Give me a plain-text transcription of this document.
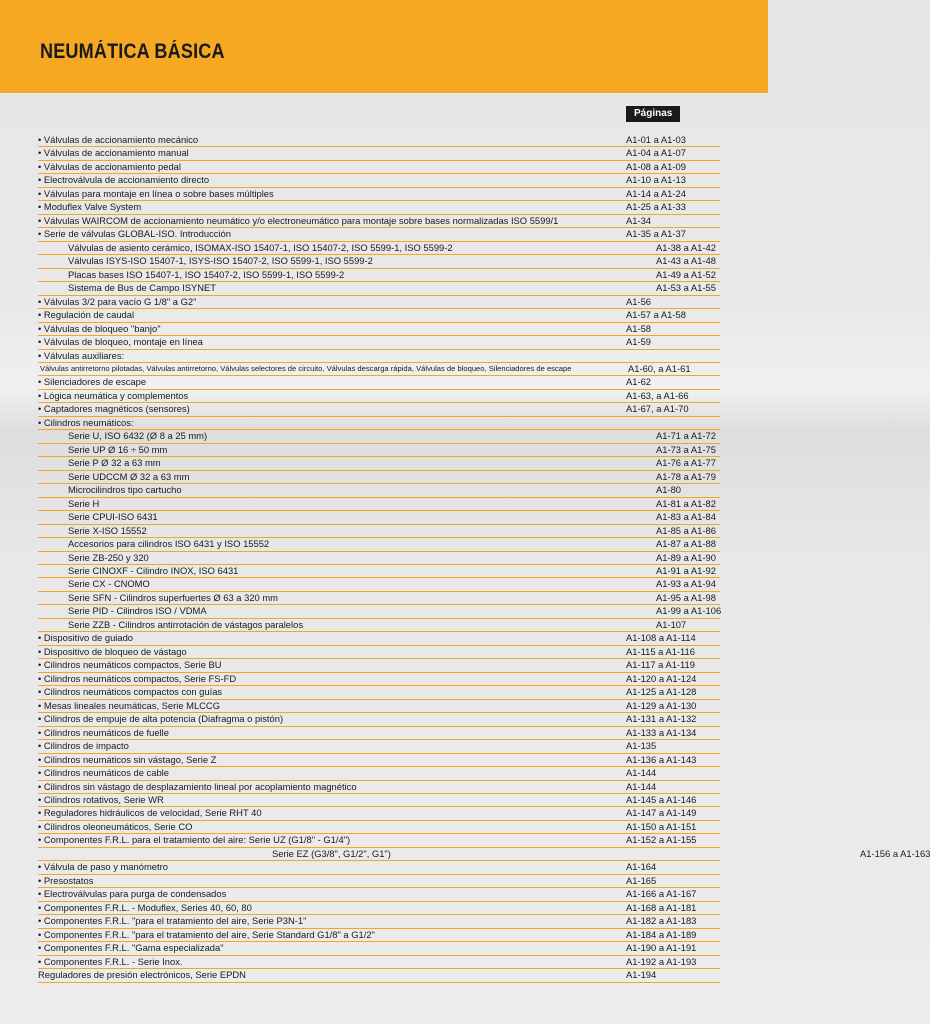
NEUMÁTICA BÁSICA
Páginas
• Válvulas de accionamiento mecánico	A1-01 a A1-03
• Válvulas de accionamiento manual	A1-04 a A1-07
• Válvulas de accionamiento pedal	A1-08 a A1-09
• Electroválvula de accionamiento directo	A1-10 a A1-13
• Válvulas para montaje en línea o sobre bases múltiples	A1-14 a A1-24
• Moduflex Valve System	A1-25 a A1-33
• Válvulas WAIRCOM de accionamiento neumático y/o electroneumático para montaje sobre bases normalizadas ISO 5599/1	A1-34
• Serie de válvulas GLOBAL-ISO. Introducción	A1-35 a A1-37
Válvulas de asiento cerámico, ISOMAX-ISO 15407-1, ISO 15407-2, ISO 5599-1, ISO 5599-2	A1-38 a A1-42
Válvulas ISYS-ISO 15407-1, ISYS-ISO 15407-2, ISO 5599-1, ISO 5599-2	A1-43 a A1-48
Placas bases ISO 15407-1, ISO 15407-2, ISO 5599-1, ISO 5599-2	A1-49 a A1-52
Sistema de Bus de Campo ISYNET	A1-53 a A1-55
• Válvulas 3/2 para vacío G 1/8" a G2"	A1-56
• Regulación de caudal	A1-57 a A1-58
• Válvulas de bloqueo "banjo"	A1-58
• Válvulas de bloqueo, montaje en línea	A1-59
• Válvulas auxiliares:
Válvulas antirretorno pilotadas, Válvulas antirretorno, Válvulas selectores de circuito, Válvulas descarga rápida, Válvulas de bloqueo, Silenciadores de escape	A1-60, a A1-61
• Silenciadores de escape	A1-62
• Lógica neumática y complementos	A1-63, a A1-66
• Captadores magnéticos (sensores)	A1-67, a A1-70
• Cilindros neumáticos:
Serie U, ISO 6432 (Ø 8 a 25 mm)	A1-71 a A1-72
Serie UP Ø 16 ÷ 50 mm	A1-73 a A1-75
Serie P Ø 32 a 63 mm	A1-76 a A1-77
Serie UDCCM Ø 32 a 63 mm	A1-78 a A1-79
Microcilindros tipo cartucho	A1-80
Serie H	A1-81 a A1-82
Serie CPUI-ISO 6431	A1-83 a A1-84
Serie X-ISO 15552	A1-85 a A1-86
Accesorios para cilindros ISO 6431 y ISO 15552	A1-87 a A1-88
Serie ZB-250 y 320	A1-89 a A1-90
Serie CINOXF - Cilindro INOX, ISO 6431	A1-91 a A1-92
Serie CX - CNOMO	A1-93 a A1-94
Serie SFN - Cilindros superfuertes Ø 63 a 320 mm	A1-95 a A1-98
Serie PID - Cilindros ISO / VDMA	A1-99 a A1-106
Serie ZZB - Cilindros antirrotación de vástagos paralelos	A1-107
• Dispositivo de guiado	A1-108 a A1-114
• Dispositivo de bloqueo de vástago	A1-115 a A1-116
• Cilindros neumáticos compactos, Serie BU	A1-117 a A1-119
• Cilindros neumáticos compactos, Serie FS-FD	A1-120 a A1-124
• Cilindros neumáticos compactos con guías	A1-125 a A1-128
• Mesas lineales neumáticas, Serie MLCCG	A1-129 a A1-130
• Cilindros de empuje de alta potencia (Diafragma o pistón)	A1-131 a A1-132
• Cilindros neumáticos de fuelle	A1-133 a A1-134
• Cilindros de impacto	A1-135
• Cilindros neumáticos sin vástago, Serie Z	A1-136 a A1-143
• Cilindros neumáticos de cable	A1-144
• Cilindros sin vástago de desplazamiento lineal por acoplamiento magnético	A1-144
• Cilindros rotativos, Serie WR	A1-145 a A1-146
• Reguladores hidráulicos de velocidad, Serie RHT 40	A1-147 a A1-149
• Cilindros oleoneumáticos, Serie CO	A1-150 a A1-151
• Componentes F.R.L. para el tratamiento del aire: Serie UZ (G1/8" - G1/4")	A1-152 a A1-155
Serie EZ (G3/8", G1/2", G1")	A1-156 a A1-163
• Válvula de paso y manómetro	A1-164
• Presostatos	A1-165
• Electroválvulas para purga de condensados	A1-166 a A1-167
• Componentes F.R.L. - Moduflex, Series 40, 60, 80	A1-168 a A1-181
• Componentes F.R.L. "para el tratamiento del aire, Serie P3N-1"	A1-182 a A1-183
• Componentes F.R.L. "para el tratamiento del aire, Serie Standard G1/8" a G1/2"	A1-184 a A1-189
• Componentes F.R.L. "Gama especializada"	A1-190 a A1-191
• Componentes F.R.L. - Serie Inox.	A1-192 a A1-193
Reguladores de presión electrónicos, Serie EPDN	A1-194
